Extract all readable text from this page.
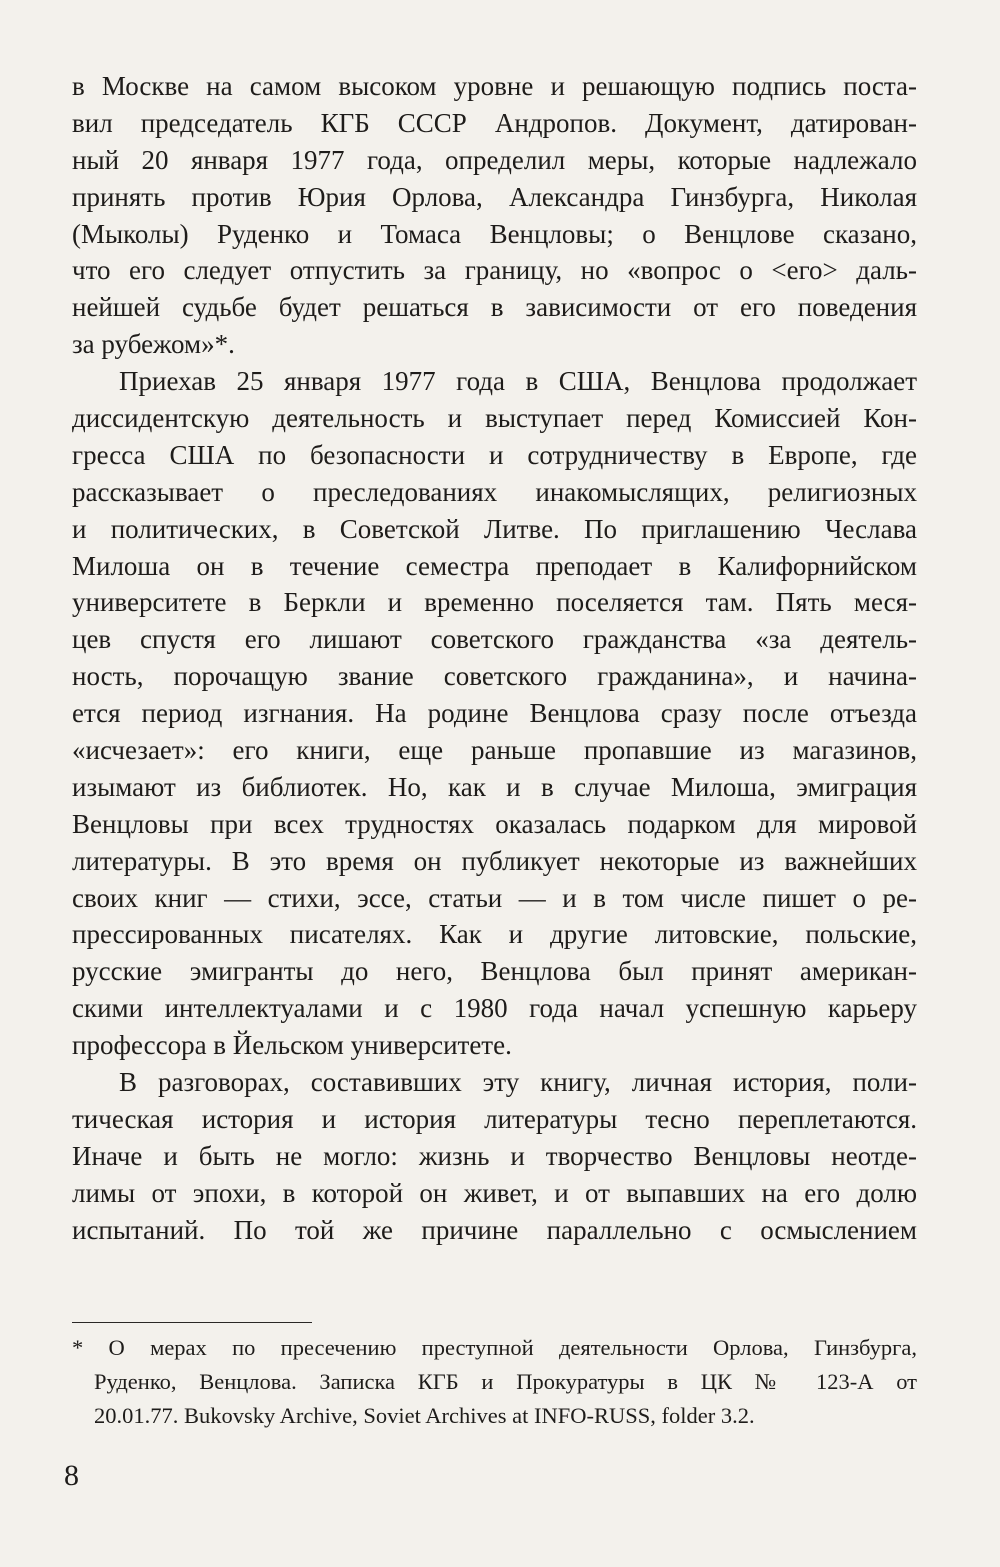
в Москве на самом высоком уровне и решающую подпись поста-
вил председатель КГБ СССР Андропов. Документ, датирован-
ный 20 января 1977 года, определил меры, которые надлежало
принять против Юрия Орлова, Александра Гинзбурга, Николая
(Мыколы) Руденко и Томаса Венцловы; о Венцлове сказано,
что его следует отпустить за границу, но «вопрос о <его> даль-
нейшей судьбе будет решаться в зависимости от его поведения
за рубежом»*.
Приехав 25 января 1977 года в США, Венцлова продолжает
диссидентскую деятельность и выступает перед Комиссией Кон-
гресса США по безопасности и сотрудничеству в Европе, где
рассказывает о преследованиях инакомыслящих, религиозных
и политических, в Советской Литве. По приглашению Чеслава
Милоша он в течение семестра преподает в Калифорнийском
университете в Беркли и временно поселяется там. Пять меся-
цев спустя его лишают советского гражданства «за деятель-
ность, порочащую звание советского гражданина», и начина-
ется период изгнания. На родине Венцлова сразу после отъезда
«исчезает»: его книги, еще раньше пропавшие из магазинов,
изымают из библиотек. Но, как и в случае Милоша, эмиграция
Венцловы при всех трудностях оказалась подарком для мировой
литературы. В это время он публикует некоторые из важнейших
своих книг — стихи, эссе, статьи — и в том числе пишет о ре-
прессированных писателях. Как и другие литовские, польские,
русские эмигранты до него, Венцлова был принят американ-
скими интеллектуалами и с 1980 года начал успешную карьеру
профессора в Йельском университете.
В разговорах, составивших эту книгу, личная история, поли-
тическая история и история литературы тесно переплетаются.
Иначе и быть не могло: жизнь и творчество Венцловы неотде-
лимы от эпохи, в которой он живет, и от выпавших на его долю
испытаний. По той же причине параллельно с осмыслением
* О мерах по пресечению преступной деятельности Орлова, Гинзбурга,
Руденко, Венцлова. Записка КГБ и Прокуратуры в ЦК № 123-А от
20.01.77. Bukovsky Archive, Soviet Archives at INFO-RUSS, folder 3.2.
8
